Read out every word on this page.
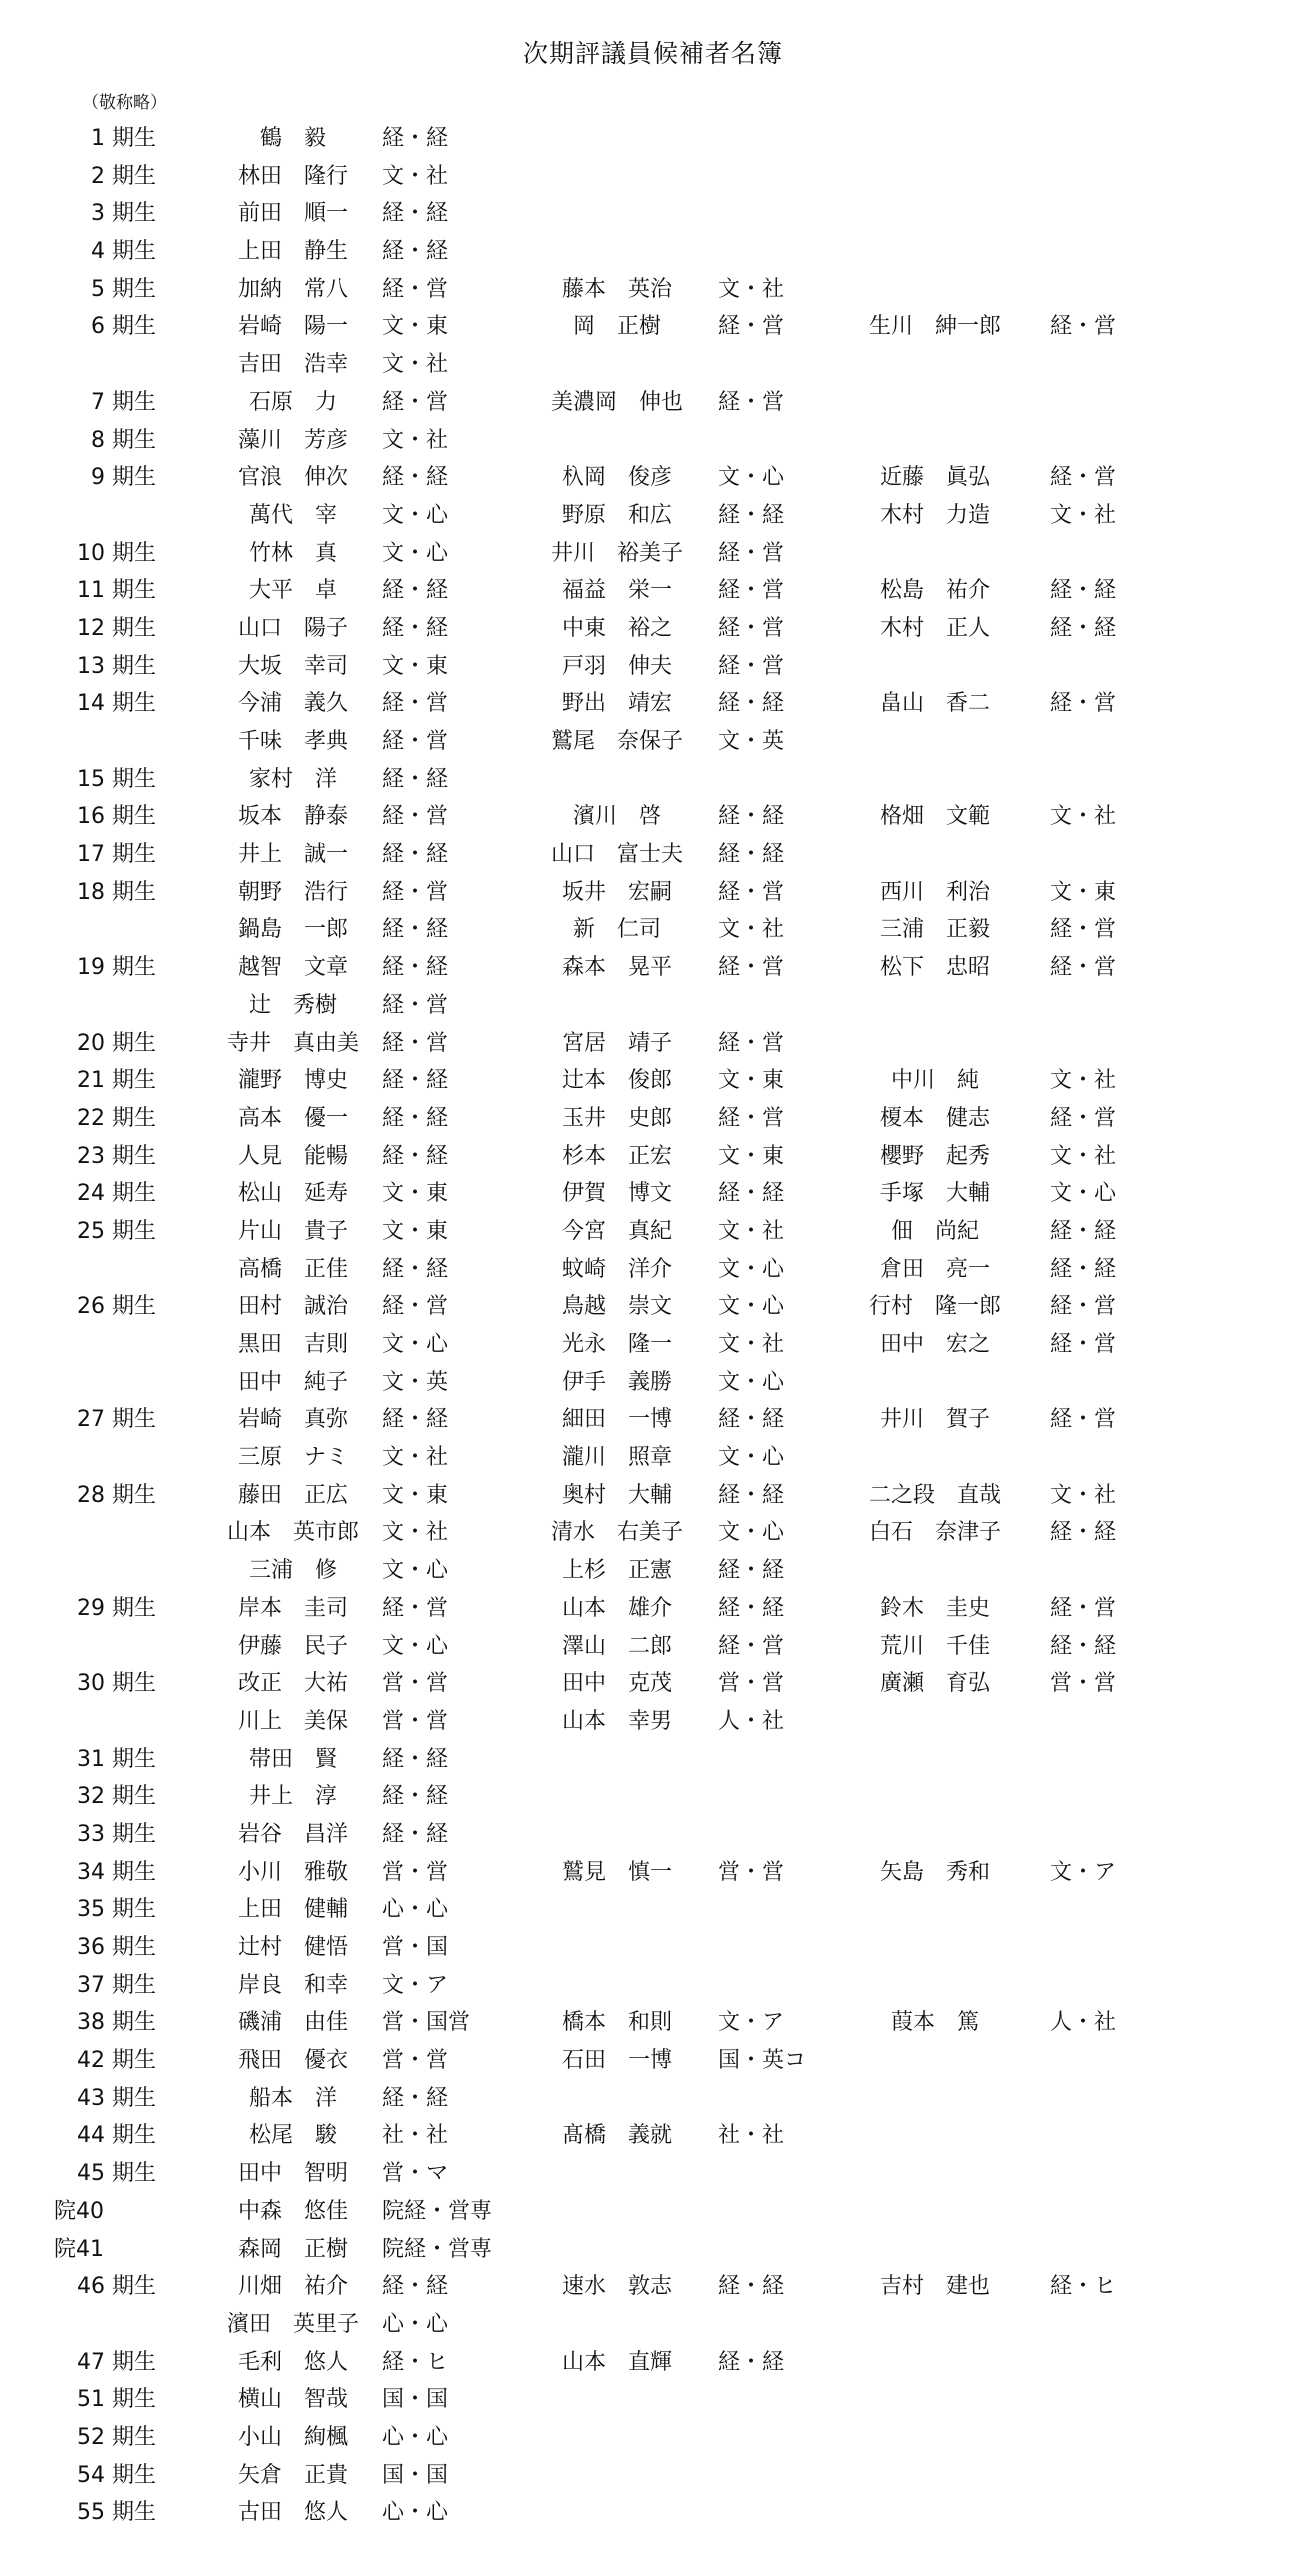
次期評議員候補者名簿
（敬称略）
1 期生	鶴　毅	経・経
2 期生	林田　隆行	文・社
3 期生	前田　順一	経・経
4 期生	上田　静生	経・経
5 期生	加納　常八	経・営	藤本　英治	文・社
6 期生	岩崎　陽一	文・東	岡　正樹	経・営	生川　紳一郎	経・営
吉田　浩幸	文・社
7 期生	石原　力	経・営	美濃岡　伸也	経・営
8 期生	藻川　芳彦	文・社
9 期生	官浪　伸次	経・経	杁岡　俊彦	文・心	近藤　眞弘	経・営
萬代　宰	文・心	野原　和広	経・経	木村　力造	文・社
10 期生	竹林　真	文・心	井川　裕美子	経・営
11 期生	大平　卓	経・経	福益　栄一	経・営	松島　祐介	経・経
12 期生	山口　陽子	経・経	中東　裕之	経・営	木村　正人	経・経
13 期生	大坂　幸司	文・東	戸羽　伸夫	経・営
14 期生	今浦　義久	経・営	野出　靖宏	経・経	畠山　香二	経・営
千味　孝典	経・営	鷲尾　奈保子	文・英
15 期生	家村　洋	経・経
16 期生	坂本　静泰	経・営	濱川　啓	経・経	格畑　文範	文・社
17 期生	井上　誠一	経・経	山口　富士夫	経・経
18 期生	朝野　浩行	経・営	坂井　宏嗣	経・営	西川　利治	文・東
鍋島　一郎	経・経	新　仁司	文・社	三浦　正毅	経・営
19 期生	越智　文章	経・経	森本　晃平	経・営	松下　忠昭	経・営
辻　秀樹	経・営
20 期生	寺井　真由美	経・営	宮居　靖子	経・営
21 期生	瀧野　博史	経・経	辻本　俊郎	文・東	中川　純	文・社
22 期生	高本　優一	経・経	玉井　史郎	経・営	榎本　健志	経・営
23 期生	人見　能暢	経・経	杉本　正宏	文・東	櫻野　起秀	文・社
24 期生	松山　延寿	文・東	伊賀　博文	経・経	手塚　大輔	文・心
25 期生	片山　貴子	文・東	今宮　真紀	文・社	佃　尚紀	経・経
高橋　正佳	経・経	蚊崎　洋介	文・心	倉田　亮一	経・経
26 期生	田村　誠治	経・営	鳥越　崇文	文・心	行村　隆一郎	経・営
黒田　吉則	文・心	光永　隆一	文・社	田中　宏之	経・営
田中　純子	文・英	伊手　義勝	文・心
27 期生	岩崎　真弥	経・経	細田　一博	経・経	井川　賀子	経・営
三原　ナミ	文・社	瀧川　照章	文・心
28 期生	藤田　正広	文・東	奥村　大輔	経・経	二之段　直哉	文・社
山本　英市郎	文・社	清水　右美子	文・心	白石　奈津子	経・経
三浦　修	文・心	上杉　正憲	経・経
29 期生	岸本　圭司	経・営	山本　雄介	経・経	鈴木　圭史	経・営
伊藤　民子	文・心	澤山　二郎	経・営	荒川　千佳	経・経
30 期生	改正　大祐	営・営	田中　克茂	営・営	廣瀬　育弘	営・営
川上　美保	営・営	山本　幸男	人・社
31 期生	帯田　賢	経・経
32 期生	井上　淳	経・経
33 期生	岩谷　昌洋	経・経
34 期生	小川　雅敬	営・営	鷲見　慎一	営・営	矢島　秀和	文・ア
35 期生	上田　健輔	心・心
36 期生	辻村　健悟	営・国
37 期生	岸良　和幸	文・ア
38 期生	磯浦　由佳	営・国営	橋本　和則	文・ア	葭本　篤	人・社
42 期生	飛田　優衣	営・営	石田　一博	国・英コ
43 期生	船本　洋	経・経
44 期生	松尾　駿	社・社	髙橋　義就	社・社
45 期生	田中　智明	営・マ
院40	中森　悠佳	院経・営専
院41	森岡　正樹	院経・営専
46 期生	川畑　祐介	経・経	速水　敦志	経・経	吉村　建也	経・ヒ
濱田　英里子	心・心
47 期生	毛利　悠人	経・ヒ	山本　直輝	経・経
51 期生	横山　智哉	国・国
52 期生	小山　絢楓	心・心
54 期生	矢倉　正貴	国・国
55 期生	古田　悠人	心・心
